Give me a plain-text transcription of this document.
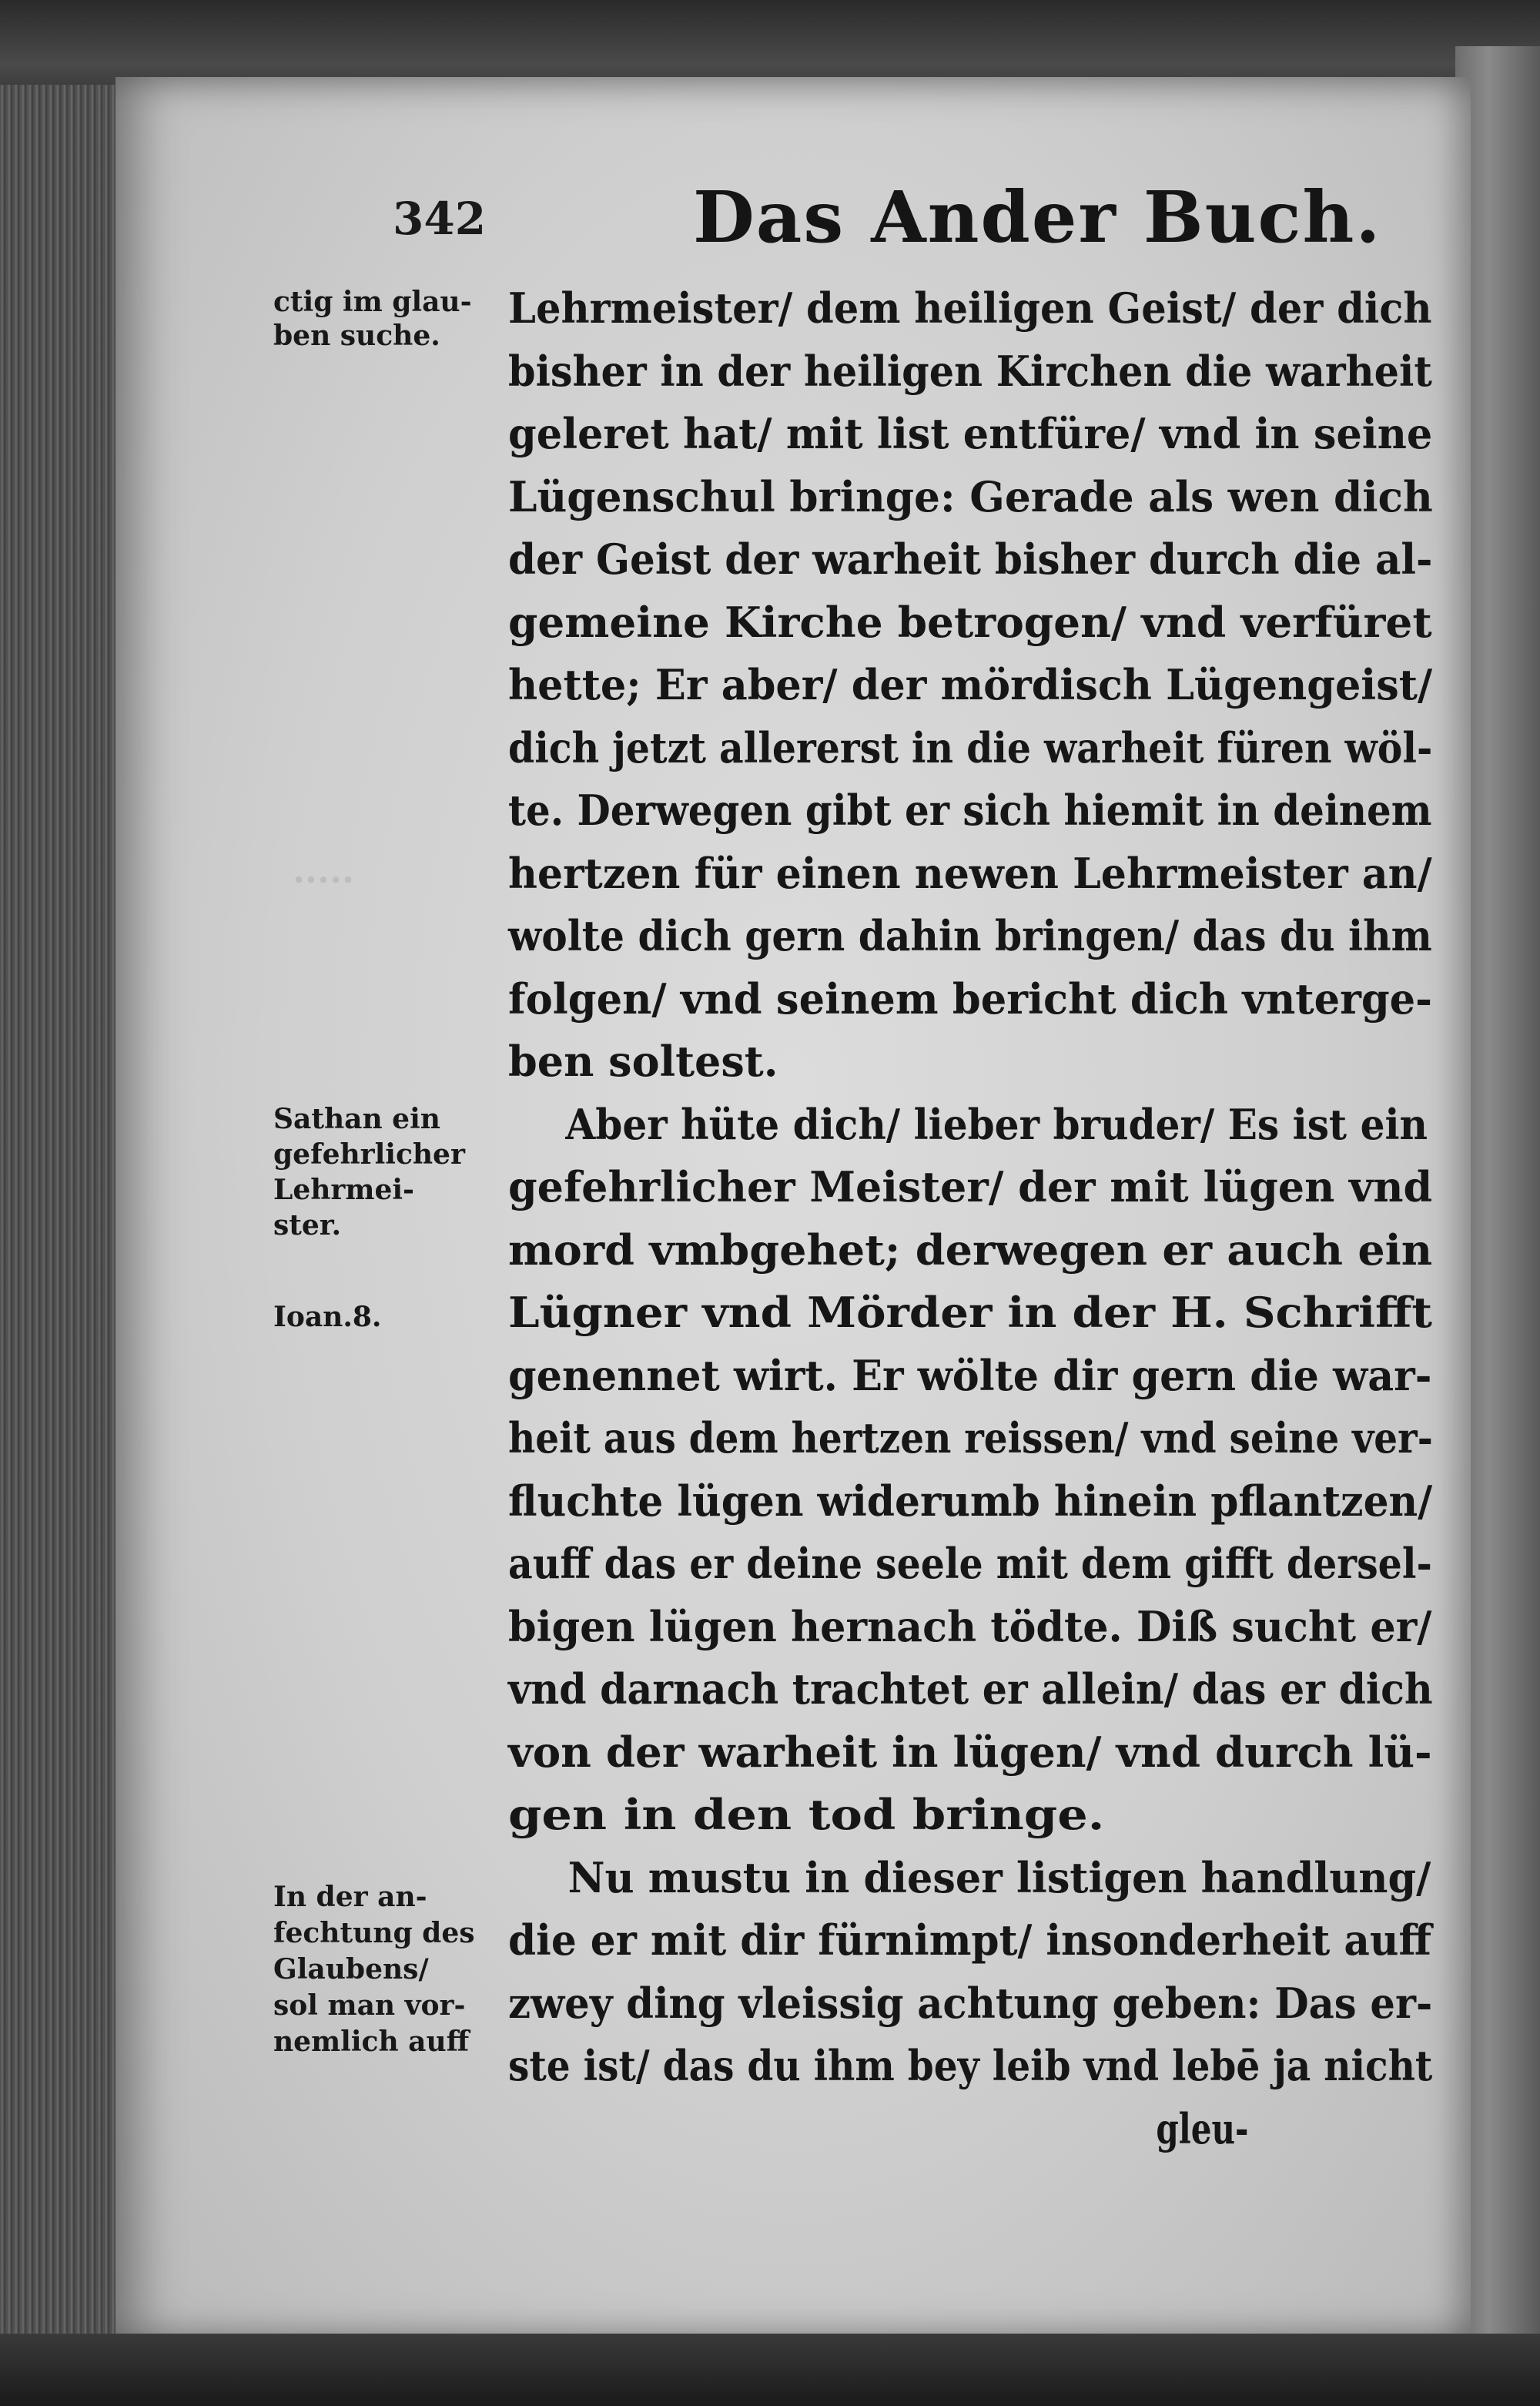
·····
342	Das Ander Buch.
ctig im glau-
ben suche.
Sathan ein
gefehrlicher
Lehrmei-
ster.
Ioan.8.
In der an-
fechtung des
Glaubens/
sol man vor-
nemlich auff
Lehrmeister/ dem heiligen Geist/ der dich
bisher in der heiligen Kirchen die warheit
geleret hat/ mit list entfüre/ vnd in seine
Lügenschul bringe: Gerade als wen dich
der Geist der warheit bisher durch die al-
gemeine Kirche betrogen/ vnd verfüret
hette; Er aber/ der mördisch Lügengeist/
dich jetzt allererst in die warheit füren wöl-
te. Derwegen gibt er sich hiemit in deinem
hertzen für einen newen Lehrmeister an/
wolte dich gern dahin bringen/ das du ihm
folgen/ vnd seinem bericht dich vnterge-
ben soltest.
Aber hüte dich/ lieber bruder/ Es ist ein
gefehrlicher Meister/ der mit lügen vnd
mord vmbgehet; derwegen er auch ein
Lügner vnd Mörder in der H. Schrifft
genennet wirt. Er wölte dir gern die war-
heit aus dem hertzen reissen/ vnd seine ver-
fluchte lügen widerumb hinein pflantzen/
auff das er deine seele mit dem gifft dersel-
bigen lügen hernach tödte. Diß sucht er/
vnd darnach trachtet er allein/ das er dich
von der warheit in lügen/ vnd durch lü-
gen in den tod bringe.
Nu mustu in dieser listigen handlung/
die er mit dir fürnimpt/ insonderheit auff
zwey ding vleissig achtung geben: Das er-
ste ist/ das du ihm bey leib vnd lebē ja nicht
gleu-
